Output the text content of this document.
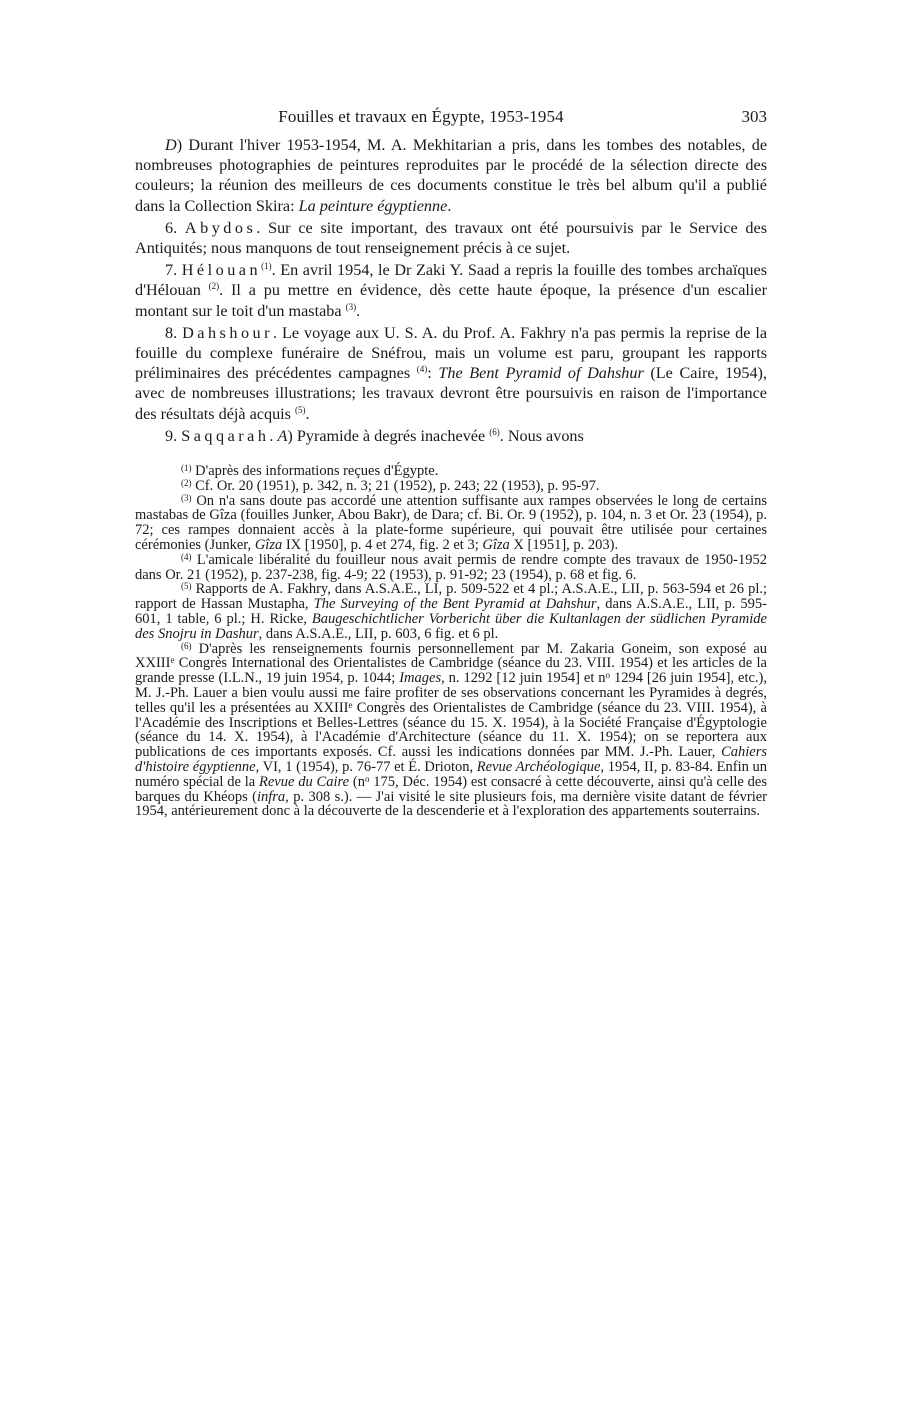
Fouilles et travaux en Égypte, 1953-1954	303

D) Durant l'hiver 1953-1954, M. A. Mekhitarian a pris, dans les tombes des notables, de nombreuses photographies de peintures reproduites par le procédé de la sélection directe des couleurs; la réunion des meilleurs de ces documents constitue le très bel album qu'il a publié dans la Collection Skira: La peinture égyptienne.

6. Abydos. Sur ce site important, des travaux ont été poursuivis par le Service des Antiquités; nous manquons de tout renseignement précis à ce sujet.

7. Hélouan$^{(1)}$. En avril 1954, le Dr Zaki Y. Saad a repris la fouille des tombes archaïques d'Hélouan $^{(2)}$. Il a pu mettre en évidence, dès cette haute époque, la présence d'un escalier montant sur le toit d'un mastaba $^{(3)}$.

8. Dahshour. Le voyage aux U. S. A. du Prof. A. Fakhry n'a pas permis la reprise de la fouille du complexe funéraire de Snéfrou, mais un volume est paru, groupant les rapports préliminaires des précédentes campagnes $^{(4)}$: The Bent Pyramid of Dahshur (Le Caire, 1954), avec de nombreuses illustrations; les travaux devront être poursuivis en raison de l'importance des résultats déjà acquis $^{(5)}$.

9. Saqqarah. A) Pyramide à degrés inachevée $^{(6)}$. Nous avons

$^{(1)}$ D'après des informations reçues d'Égypte.

$^{(2)}$ Cf. Or. 20 (1951), p. 342, n. 3; 21 (1952), p. 243; 22 (1953), p. 95-97.

$^{(3)}$ On n'a sans doute pas accordé une attention suffisante aux rampes observées le long de certains mastabas de Gîza (fouilles Junker, Abou Bakr), de Dara; cf. Bi. Or. 9 (1952), p. 104, n. 3 et Or. 23 (1954), p. 72; ces rampes donnaient accès à la plate-forme supérieure, qui pouvait être utilisée pour certaines cérémonies (Junker, Gîza IX [1950], p. 4 et 274, fig. 2 et 3; Gîza X [1951], p. 203).

$^{(4)}$ L'amicale libéralité du fouilleur nous avait permis de rendre compte des travaux de 1950-1952 dans Or. 21 (1952), p. 237-238, fig. 4-9; 22 (1953), p. 91-92; 23 (1954), p. 68 et fig. 6.

$^{(5)}$ Rapports de A. Fakhry, dans A.S.A.E., LI, p. 509-522 et 4 pl.; A.S.A.E., LII, p. 563-594 et 26 pl.; rapport de Hassan Mustapha, The Surveying of the Bent Pyramid at Dahshur, dans A.S.A.E., LII, p. 595-601, 1 table, 6 pl.; H. Ricke, Baugeschichtlicher Vorbericht über die Kultanlagen der südlichen Pyramide des Snojru in Dashur, dans A.S.A.E., LII, p. 603, 6 fig. et 6 pl.

$^{(6)}$ D'après les renseignements fournis personnellement par M. Zakaria Goneim, son exposé au XXIIIe Congrès International des Orientalistes de Cambridge (séance du 23. VIII. 1954) et les articles de la grande presse (I.L.N., 19 juin 1954, p. 1044; Images, n. 1292 [12 juin 1954] et $n^o$ 1294 [26 juin 1954], etc.), M. J.-Ph. Lauer a bien voulu aussi me faire profiter de ses observations concernant les Pyramides à degrés, telles qu'il les a présentées au XXIIIe Congrès des Orientalistes de Cambridge (séance du 23. VIII. 1954), à l'Académie des Inscriptions et Belles-Lettres (séance du 15. X. 1954), à la Société Française d'Égyptologie (séance du 14. X. 1954), à l'Académie d'Architecture (séance du 11. X. 1954); on se reportera aux publications de ces importants exposés. Cf. aussi les indications données par MM. J.-Ph. Lauer, Cahiers d'histoire égyptienne, VI, 1 (1954), p. 76-77 et É. Drioton, Revue Archéologique, 1954, II, p. 83-84. Enfin un numéro spécial de la Revue du Caire ($n^o$ 175, Déc. 1954) est consacré à cette découverte, ainsi qu'à celle des barques du Khéops (infra, p. 308 s.). — J'ai visité le site plusieurs fois, ma dernière visite datant de février 1954, antérieurement donc à la découverte de la descenderie et à l'exploration des appartements souterrains.
